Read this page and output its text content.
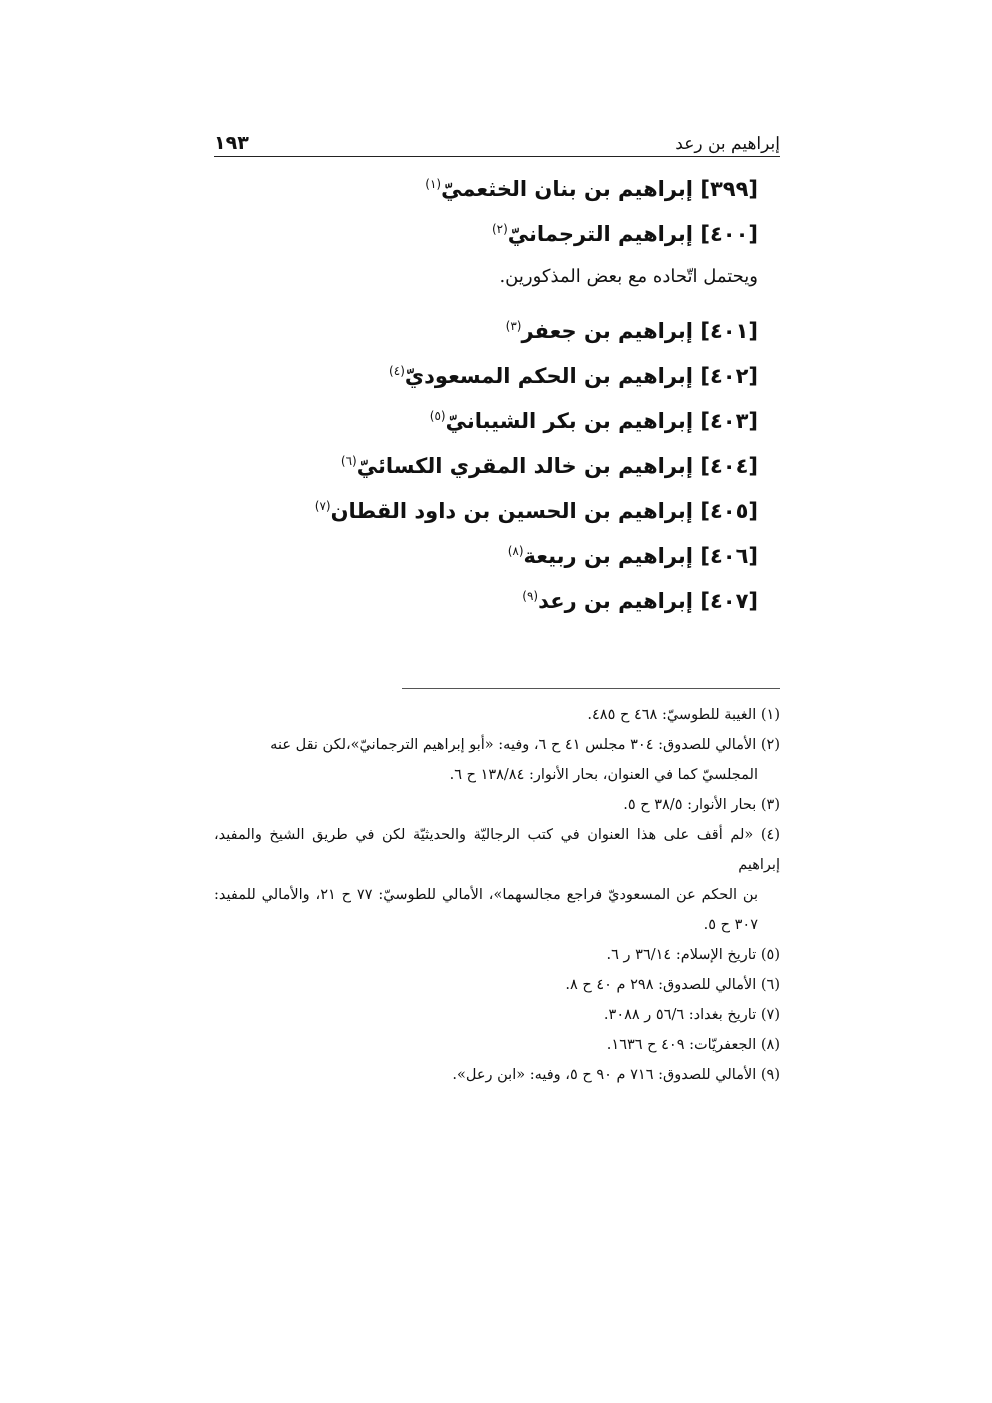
إبراهيم بن رعد
١٩٣
[٣٩٩] إبراهيم بن بنان الخثعميّ$^{(١)}$
[٤٠٠] إبراهيم الترجمانيّ$^{(٢)}$
ويحتمل اتّحاده مع بعض المذكورين.
[٤٠١] إبراهيم بن جعفر$^{(٣)}$
[٤٠٢] إبراهيم بن الحكم المسعوديّ$^{(٤)}$
[٤٠٣] إبراهيم بن بكر الشيبانيّ$^{(٥)}$
[٤٠٤] إبراهيم بن خالد المقري الكسائيّ$^{(٦)}$
[٤٠٥] إبراهيم بن الحسين بن داود القطان$^{(٧)}$
[٤٠٦] إبراهيم بن ربيعة$^{(٨)}$
[٤٠٧] إبراهيم بن رعد$^{(٩)}$

(١) الغيبة للطوسيّ: ٤٦٨ ح ٤٨٥.

(٢) الأمالي للصدوق: ٣٠٤ مجلس ٤١ ح ٦، وفيه: «أبو إبراهيم الترجمانيّ»،لكن نقل عنه
المجلسيّ كما في العنوان، بحار الأنوار: ١٣٨/٨٤ ح ٦.

(٣) بحار الأنوار: ٣٨/٥ ح ٥.

(٤) «لم أقف على هذا العنوان في كتب الرجاليّة والحديثيّة لكن في طريق الشيخ والمفيد، إبراهيم
بن الحكم عن المسعوديّ فراجع مجالسهما»، الأمالي للطوسيّ: ٧٧ ح ٢١، والأمالي للمفيد: ٣٠٧ ح ٥.

(٥) تاريخ الإسلام: ٣٦/١٤ ر ٦.

(٦) الأمالي للصدوق: ٢٩٨ م ٤٠ ح ٨.

(٧) تاريخ بغداد: ٥٦/٦ ر ٣٠٨٨.

(٨) الجعفريّات: ٤٠٩ ح ١٦٣٦.

(٩) الأمالي للصدوق: ٧١٦ م ٩٠ ح ٥، وفيه: «ابن رعل».
